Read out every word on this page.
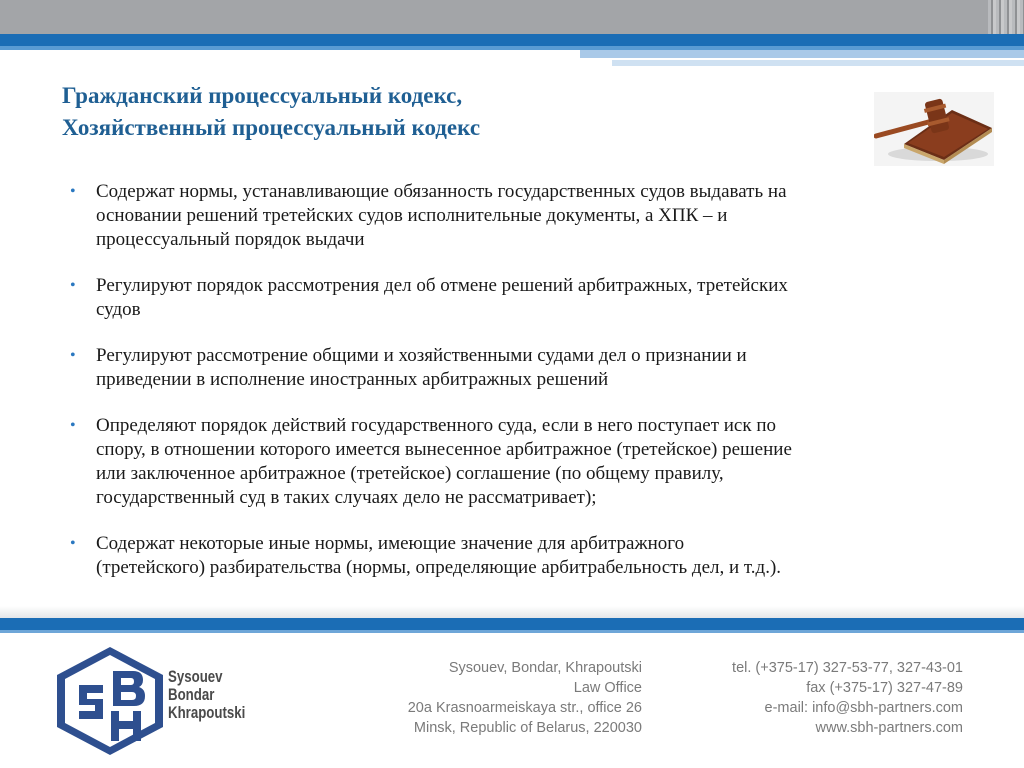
Гражданский процессуальный кодекс,
Хозяйственный процессуальный кодекс
• Содержат нормы, устанавливающие обязанность государственных судов выдавать на
основании решений третейских судов исполнительные документы, а ХПК – и
процессуальный порядок выдачи
• Регулируют порядок рассмотрения дел об отмене решений арбитражных, третейских
судов
• Регулируют рассмотрение общими и хозяйственными судами дел о признании и
приведении в исполнение иностранных арбитражных решений
• Определяют порядок действий государственного суда, если в него поступает иск по
спору, в отношении которого имеется вынесенное арбитражное (третейское) решение
или заключенное арбитражное (третейское) соглашение (по общему правилу,
государственный суд в таких случаях дело не рассматривает);
• Содержат некоторые иные нормы, имеющие значение для арбитражного
(третейского) разбирательства (нормы, определяющие арбитрабельность дел, и т.д.).
Sysouev
Bondar
Khrapoutski
Sysouev, Bondar, Khrapoutski
Law Office
20a Krasnoarmeiskaya str., office 26
Minsk, Republic of Belarus, 220030
tel. (+375-17) 327-53-77, 327-43-01
fax (+375-17) 327-47-89
e-mail: info@sbh-partners.com
www.sbh-partners.com
